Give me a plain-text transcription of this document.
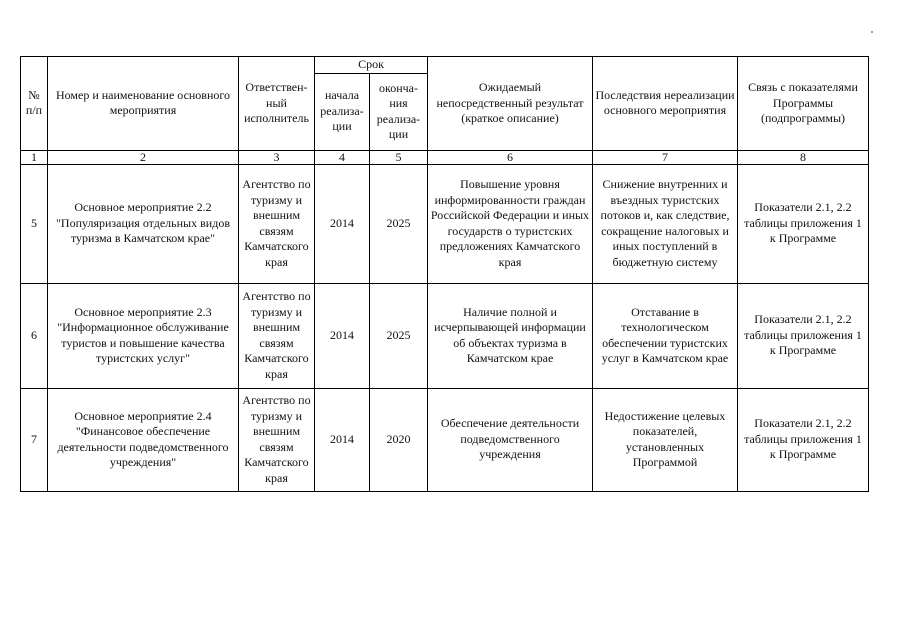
№ п/п	Номер и наименование основного мероприятия	Ответствен-ный исполнитель	Срок		Ожидаемый непосредственный результат (краткое описание)	Последствия нереализации основного мероприятия	Связь с показателями Программы (подпрограммы)
			начала реализа-ции	оконча-ния реализа-ции			
1	2	3	4	5	6	7	8
5	Основное мероприятие 2.2 "Популяризация отдельных видов туризма в Камчатском крае"	Агентство по туризму и внешним связям Камчатского края	2014	2025	Повышение уровня информированности граждан Российской Федерации и иных государств о туристских предложениях Камчатского края	Снижение внутренних и въездных туристских потоков и, как следствие, сокращение налоговых и иных поступлений в бюджетную систему	Показатели 2.1, 2.2 таблицы приложения 1 к Программе
6	Основное мероприятие 2.3 "Информационное обслуживание туристов и повышение качества туристских услуг"	Агентство по туризму и внешним связям Камчатского края	2014	2025	Наличие полной и исчерпывающей информации об объектах туризма в Камчатском крае	Отставание в технологическом обеспечении туристских услуг в Камчатском крае	Показатели 2.1, 2.2 таблицы приложения 1 к Программе
7	Основное мероприятие 2.4 "Финансовое обеспечение деятельности подведомственного учреждения"	Агентство по туризму и внешним связям Камчатского края	2014	2020	Обеспечение деятельности подведомственного учреждения	Недостижение целевых показателей, установленных Программой	Показатели 2.1, 2.2 таблицы приложения 1 к Программе
